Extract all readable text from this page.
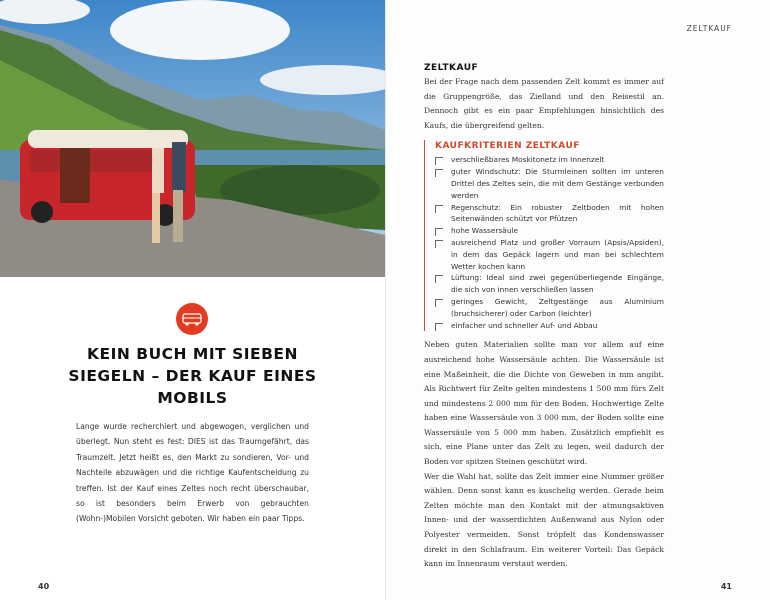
KEIN BUCH MIT SIEBEN SIEGELN – DER KAUF EINES MOBILS

Lange wurde recherchiert und abgewogen, verglichen und überlegt. Nun steht es fest: DIES ist das Traumgefährt, das Traumzelt. Jetzt heißt es, den Markt zu sondieren, Vor- und Nachteile abzuwägen und die richtige Kaufentscheidung zu treffen. Ist der Kauf eines Zeltes noch recht überschaubar, so ist besonders beim Erwerb von gebrauchten (Wohn-)Mobilen Vorsicht geboten. Wir haben ein paar Tipps.

40
ZELTKAUF
ZELTKAUF

Bei der Frage nach dem passenden Zelt kommt es immer auf die Gruppengröße, das Zielland und den Reisestil an. Dennoch gibt es ein paar Empfehlungen hinsichtlich des Kaufs, die übergreifend gelten.

KAUFKRITERIEN ZELTKAUF
verschließbares Moskitonetz im Innenzelt
guter Windschutz: Die Sturmleinen sollten im unteren Drittel des Zeltes sein, die mit dem Gestänge verbunden werden
Regenschutz: Ein robuster Zeltboden mit hohen Seitenwänden schützt vor Pfützen
hohe Wassersäule
ausreichend Platz und großer Vorraum (Apsis/Apsiden), in dem das Gepäck lagern und man bei schlechtem Wetter kochen kann
Lüftung: Ideal sind zwei gegenüberliegende Eingänge, die sich von innen verschließen lassen
geringes Gewicht, Zeltgestänge aus Aluminium (bruchsicherer) oder Carbon (leichter)
einfacher und schneller Auf- und Abbau

Neben guten Materialien sollte man vor allem auf eine ausreichend hohe Wassersäule achten. Die Wassersäule ist eine Maßeinheit, die die Dichte von Geweben in mm angibt. Als Richtwert für Zelte gelten mindestens 1 500 mm fürs Zelt und mindestens 2 000 mm für den Boden. Hochwertige Zelte haben eine Wassersäule von 3 000 mm, der Boden sollte eine Wassersäule von 5 000 mm haben. Zusätzlich empfiehlt es sich, eine Plane unter das Zelt zu legen, weil dadurch der Boden vor spitzen Steinen geschützt wird.

Wer die Wahl hat, sollte das Zelt immer eine Nummer größer wählen. Denn sonst kann es kuschelig werden. Gerade beim Zelten möchte man den Kontakt mit der atmungsaktiven Innen- und der wasserdichten Außenwand aus Nylon oder Polyester vermeiden. Sonst tröpfelt das Kondenswasser direkt in den Schlafraum. Ein weiterer Vorteil: Das Gepäck kann im Innenraum verstaut werden.

41
